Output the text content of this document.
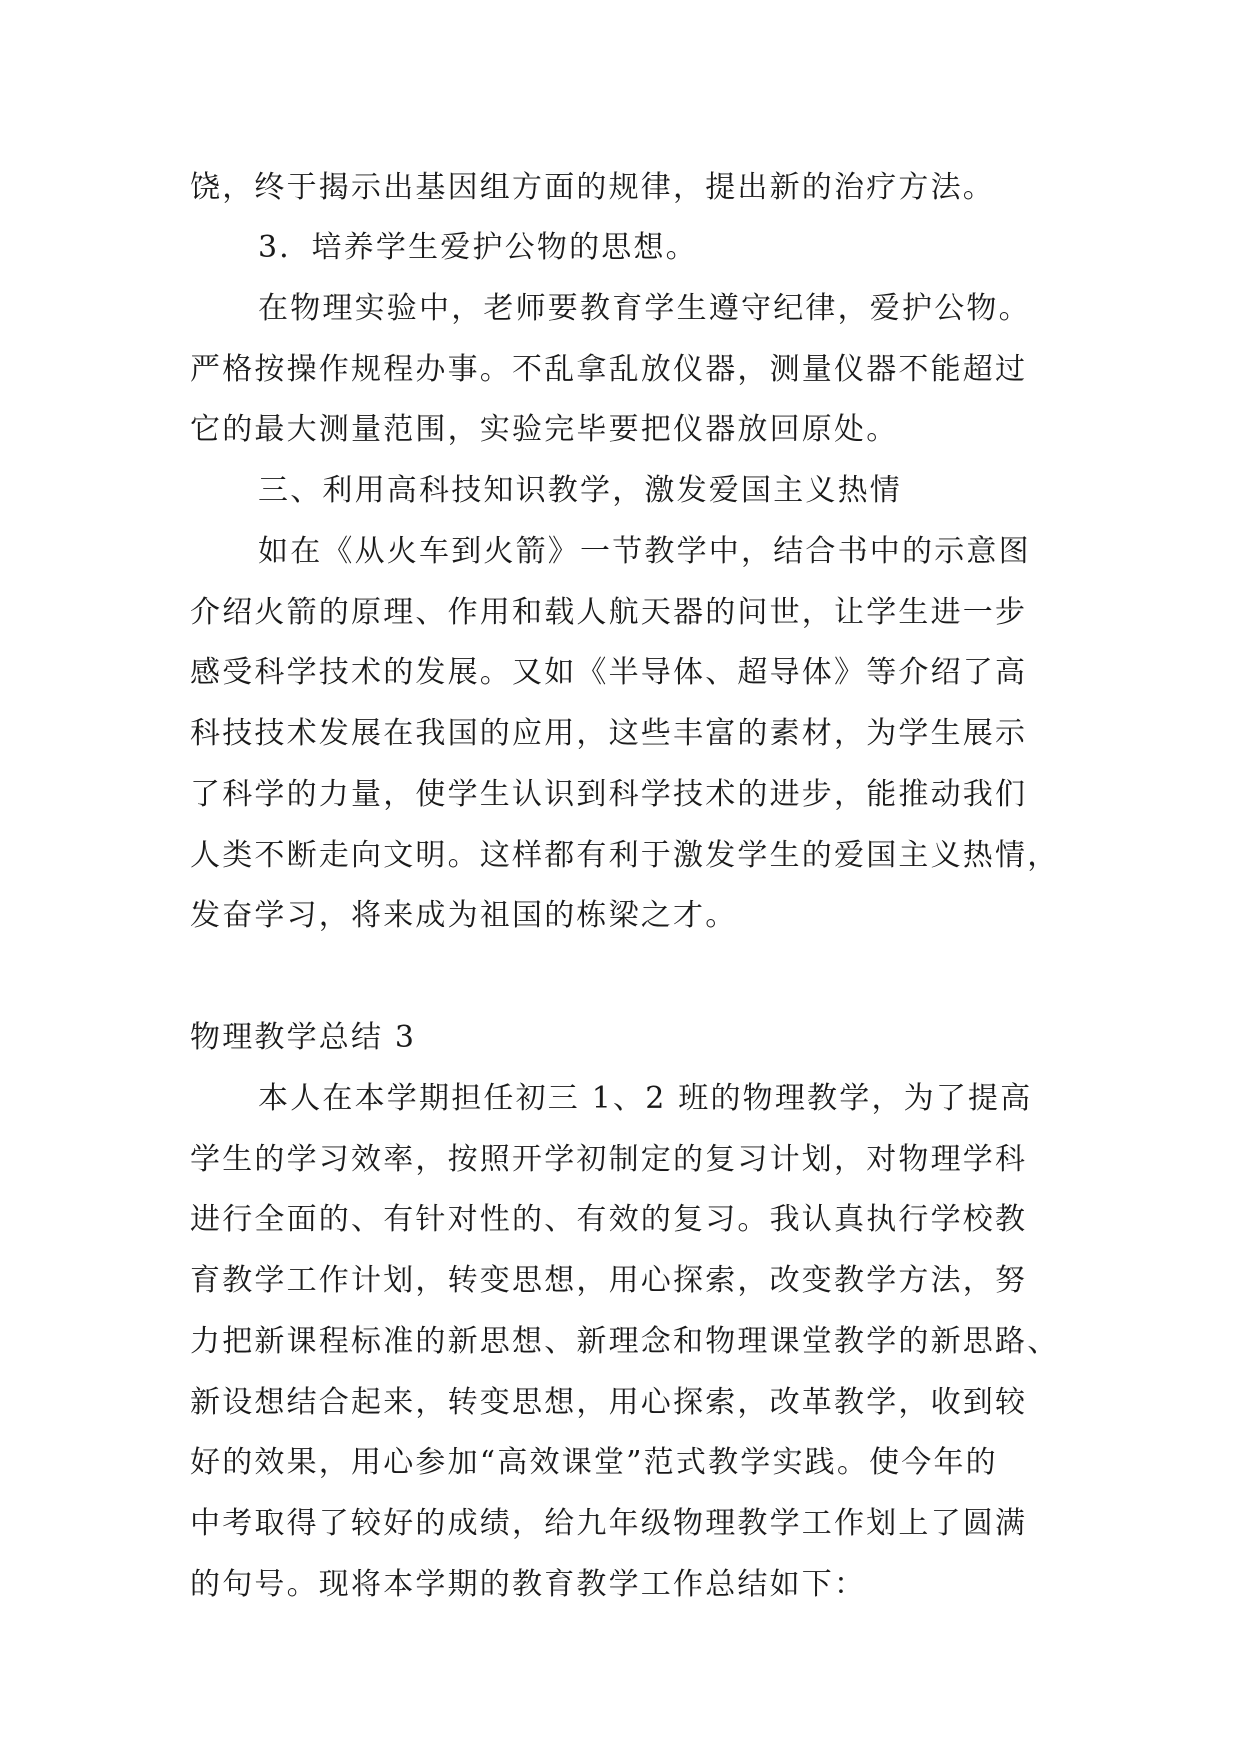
饶，终于揭示出基因组方面的规律，提出新的治疗方法。
3．培养学生爱护公物的思想。
在物理实验中，老师要教育学生遵守纪律，爱护公物。
严格按操作规程办事。不乱拿乱放仪器，测量仪器不能超过
它的最大测量范围，实验完毕要把仪器放回原处。
三、利用高科技知识教学，激发爱国主义热情
如在《从火车到火箭》一节教学中，结合书中的示意图
介绍火箭的原理、作用和载人航天器的问世，让学生进一步
感受科学技术的发展。又如《半导体、超导体》等介绍了高
科技技术发展在我国的应用，这些丰富的素材，为学生展示
了科学的力量，使学生认识到科学技术的进步，能推动我们
人类不断走向文明。这样都有利于激发学生的爱国主义热情，
发奋学习，将来成为祖国的栋梁之才。
物理教学总结 3
本人在本学期担任初三 1、2 班的物理教学，为了提高
学生的学习效率，按照开学初制定的复习计划，对物理学科
进行全面的、有针对性的、有效的复习。我认真执行学校教
育教学工作计划，转变思想，用心探索，改变教学方法，努
力把新课程标准的新思想、新理念和物理课堂教学的新思路、
新设想结合起来，转变思想，用心探索，改革教学，收到较
好的效果，用心参加“高效课堂”范式教学实践。使今年的
中考取得了较好的成绩，给九年级物理教学工作划上了圆满
的句号。现将本学期的教育教学工作总结如下：
